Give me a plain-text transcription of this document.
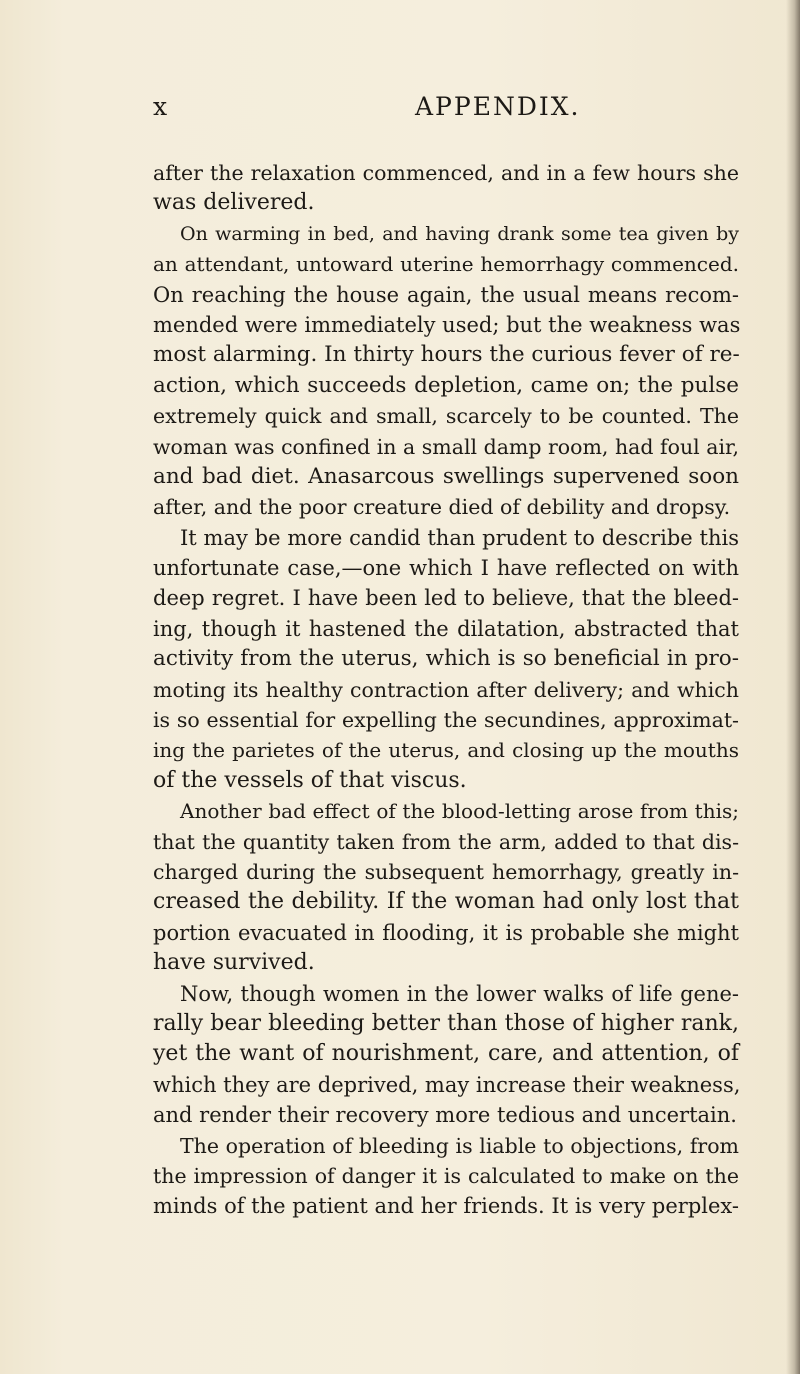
x	APPENDIX.
after the relaxation commenced, and in a few hours she
was delivered.
On warming in bed, and having drank some tea given by
an attendant, untoward uterine hemorrhagy commenced.
On reaching the house again, the usual means recom-
mended were immediately used; but the weakness was
most alarming. In thirty hours the curious fever of re-
action, which succeeds depletion, came on; the pulse
extremely quick and small, scarcely to be counted. The
woman was confined in a small damp room, had foul air,
and bad diet. Anasarcous swellings supervened soon
after, and the poor creature died of debility and dropsy.
It may be more candid than prudent to describe this
unfortunate case,—one which I have reflected on with
deep regret. I have been led to believe, that the bleed-
ing, though it hastened the dilatation, abstracted that
activity from the uterus, which is so beneficial in pro-
moting its healthy contraction after delivery; and which
is so essential for expelling the secundines, approximat-
ing the parietes of the uterus, and closing up the mouths
of the vessels of that viscus.
Another bad effect of the blood-letting arose from this;
that the quantity taken from the arm, added to that dis-
charged during the subsequent hemorrhagy, greatly in-
creased the debility. If the woman had only lost that
portion evacuated in flooding, it is probable she might
have survived.
Now, though women in the lower walks of life gene-
rally bear bleeding better than those of higher rank,
yet the want of nourishment, care, and attention, of
which they are deprived, may increase their weakness,
and render their recovery more tedious and uncertain.
The operation of bleeding is liable to objections, from
the impression of danger it is calculated to make on the
minds of the patient and her friends. It is very perplex-
